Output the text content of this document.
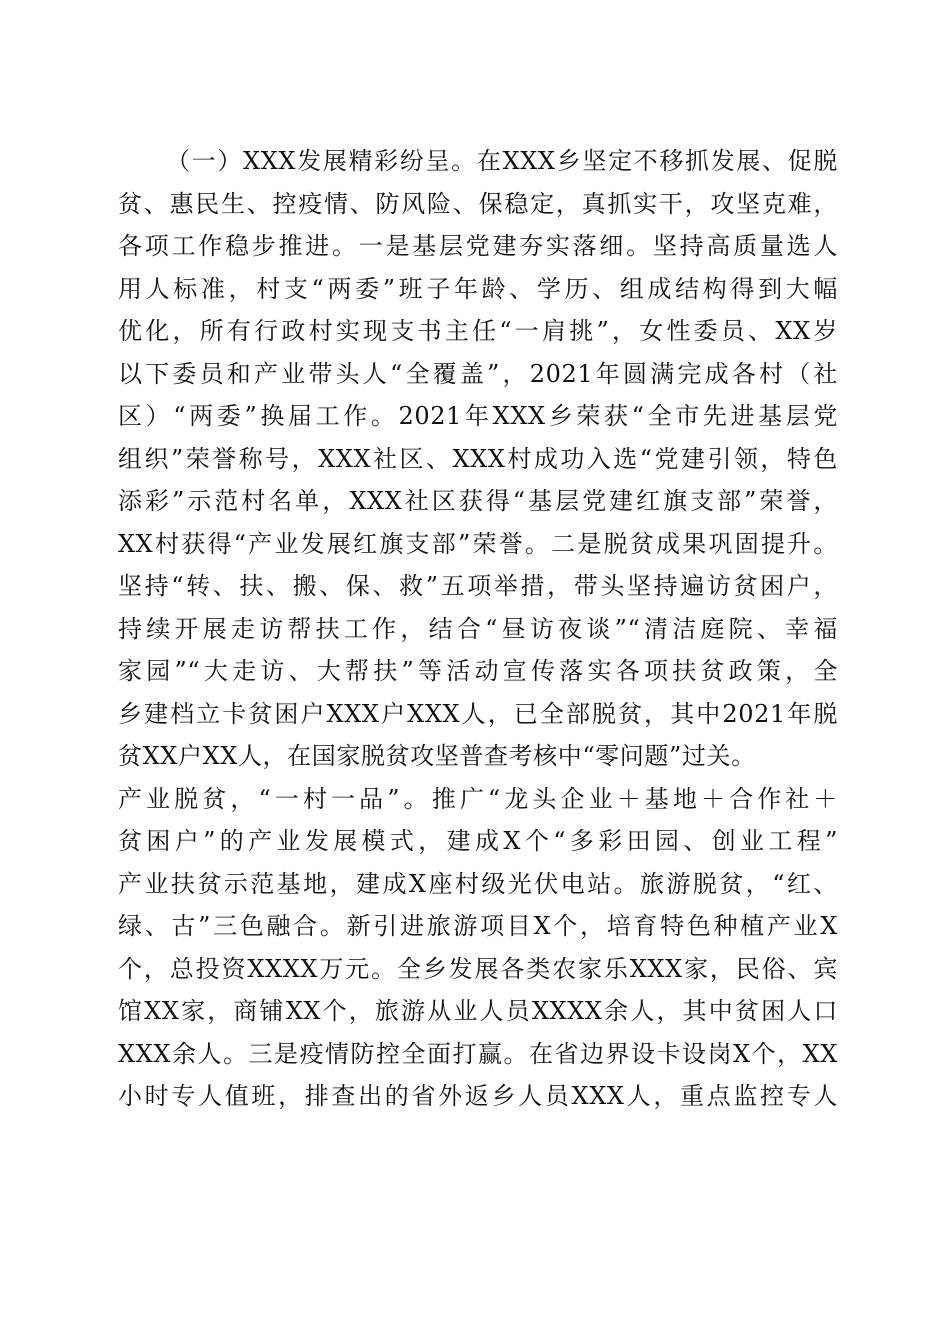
（一）XXX发展精彩纷呈。在XXX乡坚定不移抓发展、促脱
贫、惠民生、控疫情、防风险、保稳定，真抓实干，攻坚克难，
各项工作稳步推进。一是基层党建夯实落细。坚持高质量选人
用人标准，村支“两委”班子年龄、学历、组成结构得到大幅
优化，所有行政村实现支书主任“一肩挑”，女性委员、XX岁
以下委员和产业带头人“全覆盖”，2021年圆满完成各村（社
区）“两委”换届工作。2021年XXX乡荣获“全市先进基层党
组织”荣誉称号，XXX社区、XXX村成功入选“党建引领，特色
添彩”示范村名单，XXX社区获得“基层党建红旗支部”荣誉，
XX村获得“产业发展红旗支部”荣誉。二是脱贫成果巩固提升。
坚持“转、扶、搬、保、救”五项举措，带头坚持遍访贫困户，
持续开展走访帮扶工作，结合“昼访夜谈”“清洁庭院、幸福
家园”“大走访、大帮扶”等活动宣传落实各项扶贫政策，全
乡建档立卡贫困户XXX户XXX人，已全部脱贫，其中2021年脱
贫XX户XX人，在国家脱贫攻坚普查考核中“零问题”过关。
产业脱贫，“一村一品”。推广“龙头企业＋基地＋合作社＋
贫困户”的产业发展模式，建成X个“多彩田园、创业工程”
产业扶贫示范基地，建成X座村级光伏电站。旅游脱贫，“红、
绿、古”三色融合。新引进旅游项目X个，培育特色种植产业X
个，总投资XXXX万元。全乡发展各类农家乐XXX家，民俗、宾
馆XX家，商铺XX个，旅游从业人员XXXX余人，其中贫困人口
XXX余人。三是疫情防控全面打赢。在省边界设卡设岗X个，XX
小时专人值班，排查出的省外返乡人员XXX人，重点监控专人
